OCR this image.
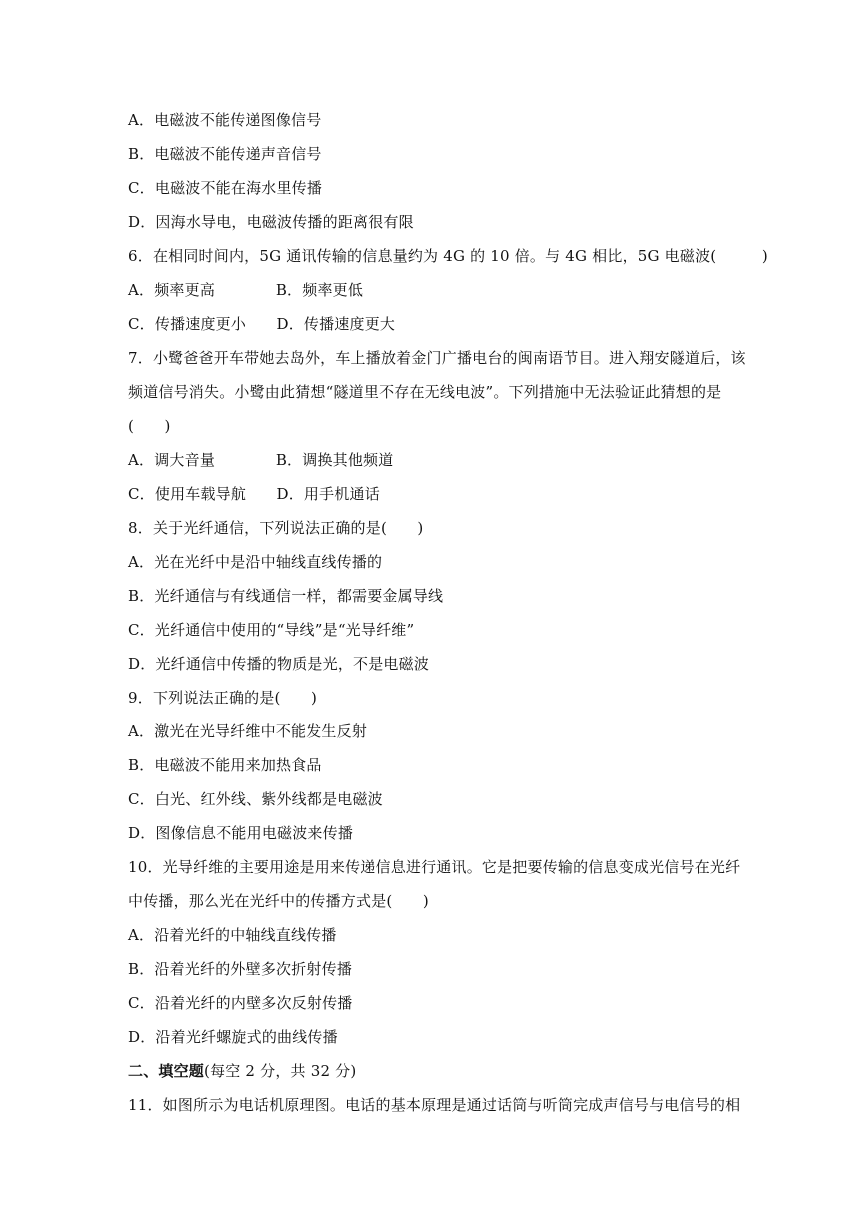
A．电磁波不能传递图像信号
B．电磁波不能传递声音信号
C．电磁波不能在海水里传播
D．因海水导电，电磁波传播的距离很有限
6．在相同时间内，5G 通讯传输的信息量约为 4G 的 10 倍。与 4G 相比，5G 电磁波(　　　)
A．频率更高　　　　B．频率更低
C．传播速度更小　　D．传播速度更大
7．小鹭爸爸开车带她去岛外，车上播放着金门广播电台的闽南语节目。进入翔安隧道后，该
频道信号消失。小鹭由此猜想“隧道里不存在无线电波”。下列措施中无法验证此猜想的是
(　　)
A．调大音量　　　　B．调换其他频道
C．使用车载导航　　D．用手机通话
8．关于光纤通信，下列说法正确的是(　　)
A．光在光纤中是沿中轴线直线传播的
B．光纤通信与有线通信一样，都需要金属导线
C．光纤通信中使用的“导线”是“光导纤维”
D．光纤通信中传播的物质是光，不是电磁波
9．下列说法正确的是(　　)
A．激光在光导纤维中不能发生反射
B．电磁波不能用来加热食品
C．白光、红外线、紫外线都是电磁波
D．图像信息不能用电磁波来传播
10．光导纤维的主要用途是用来传递信息进行通讯。它是把要传输的信息变成光信号在光纤
中传播，那么光在光纤中的传播方式是(　　)
A．沿着光纤的中轴线直线传播
B．沿着光纤的外壁多次折射传播
C．沿着光纤的内壁多次反射传播
D．沿着光纤螺旋式的曲线传播
二、填空题(每空 2 分，共 32 分)
11．如图所示为电话机原理图。电话的基本原理是通过话筒与听筒完成声信号与电信号的相
